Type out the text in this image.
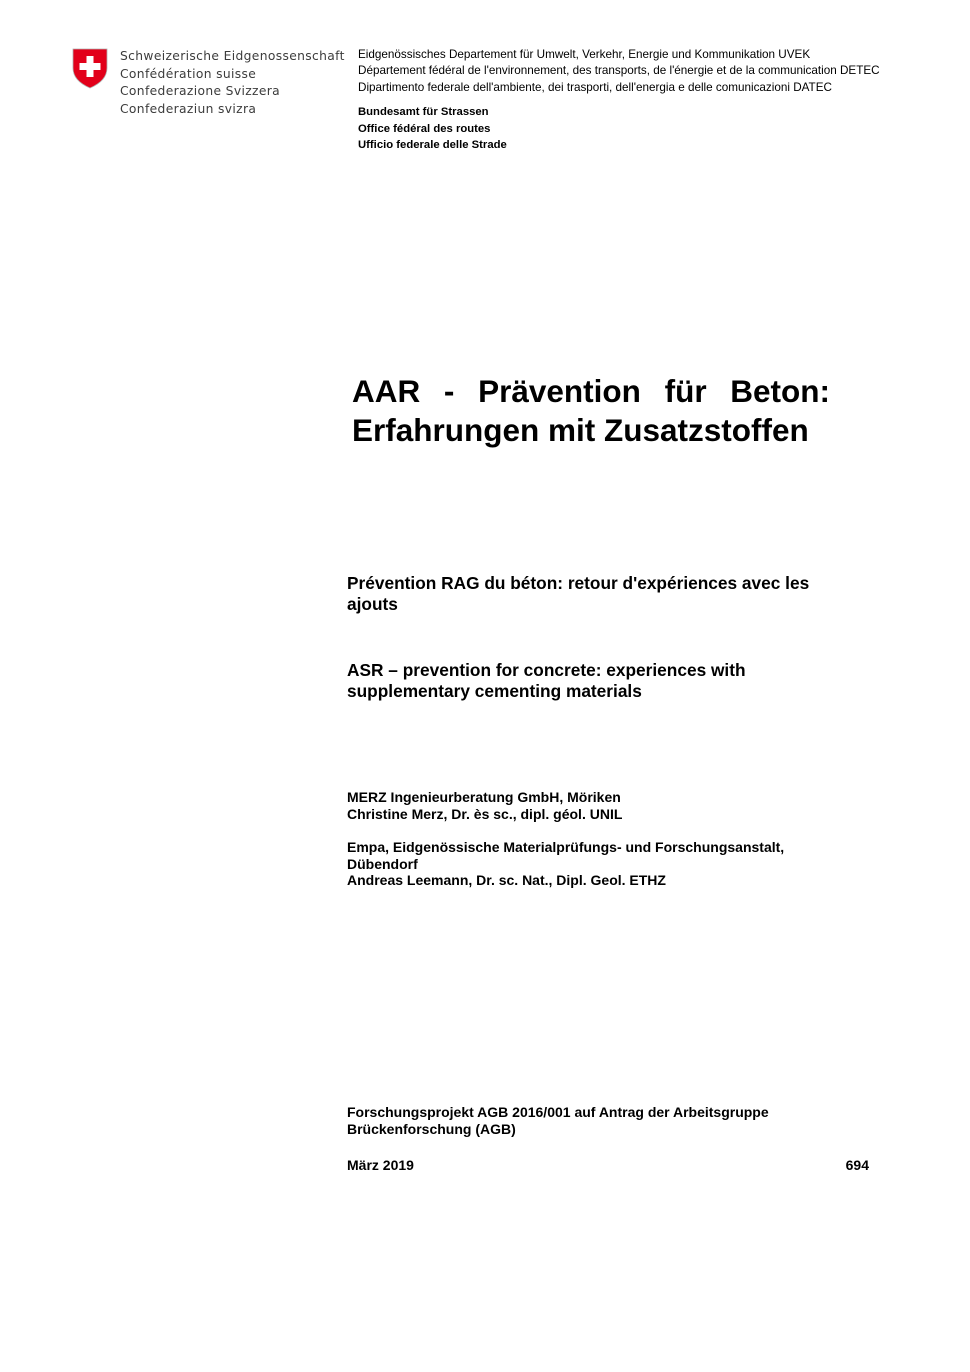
Schweizerische Eidgenossenschaft
Confédération suisse
Confederazione Svizzera
Confederaziun svizra
Eidgenössisches Departement für Umwelt, Verkehr, Energie und Kommunikation UVEK
Département fédéral de l'environnement, des transports, de l'énergie et de la communication DETEC
Dipartimento federale dell'ambiente, dei trasporti, dell'energia e delle comunicazioni DATEC
Bundesamt für Strassen
Office fédéral des routes
Ufficio federale delle Strade
AAR - Prävention für Beton:
Erfahrungen mit Zusatzstoffen
Prévention RAG du béton: retour d'expériences avec les
ajouts
ASR – prevention for concrete: experiences with
supplementary cementing materials
MERZ Ingenieurberatung GmbH, Möriken
Christine Merz, Dr. ès sc., dipl. géol. UNIL
Empa, Eidgenössische Materialprüfungs- und Forschungsanstalt,
Dübendorf
Andreas Leemann, Dr. sc. Nat., Dipl. Geol. ETHZ
Forschungsprojekt AGB 2016/001 auf Antrag der Arbeitsgruppe
Brückenforschung (AGB)
März 2019	694
